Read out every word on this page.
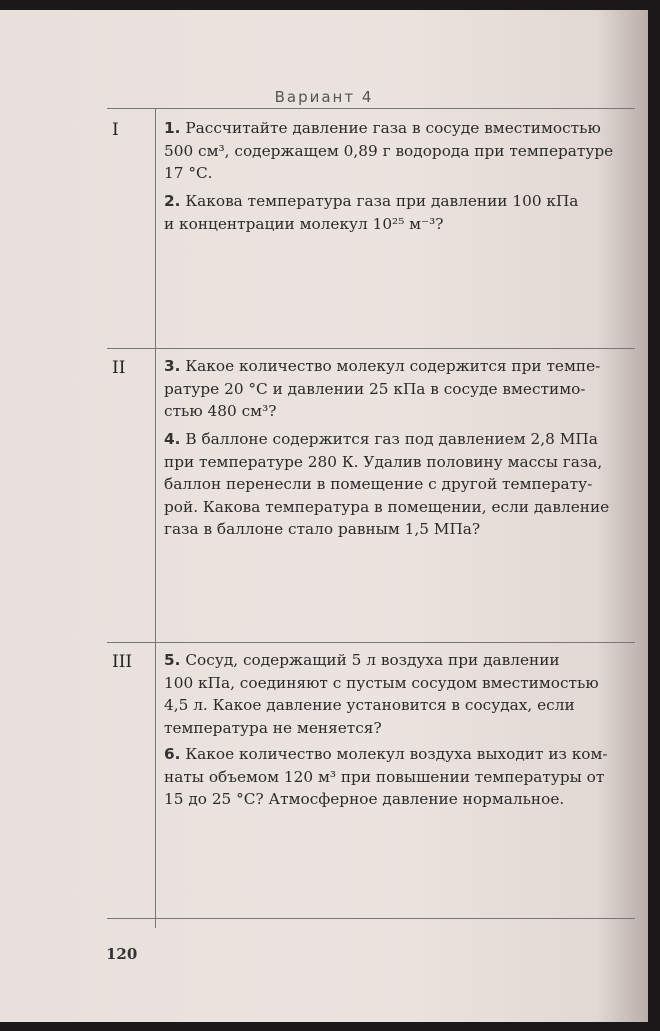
Вариант 4
I	1. Рассчитайте давление газа в сосуде вместимостью
500 см³, содержащем 0,89 г водорода при температуре
17 °С.
2. Какова температура газа при давлении 100 кПа
и концентрации молекул 10²⁵ м⁻³?
II	3. Какое количество молекул содержится при темпе-
ратуре 20 °С и давлении 25 кПа в сосуде вместимо-
стью 480 см³?
4. В баллоне содержится газ под давлением 2,8 МПа
при температуре 280 К. Удалив половину массы газа,
баллон перенесли в помещение с другой температу-
рой. Какова температура в помещении, если давление
газа в баллоне стало равным 1,5 МПа?
III	5. Сосуд, содержащий 5 л воздуха при давлении
100 кПа, соединяют с пустым сосудом вместимостью
4,5 л. Какое давление установится в сосудах, если
температура не меняется?
6. Какое количество молекул воздуха выходит из ком-
наты объемом 120 м³ при повышении температуры от
15 до 25 °С? Атмосферное давление нормальное.
120
